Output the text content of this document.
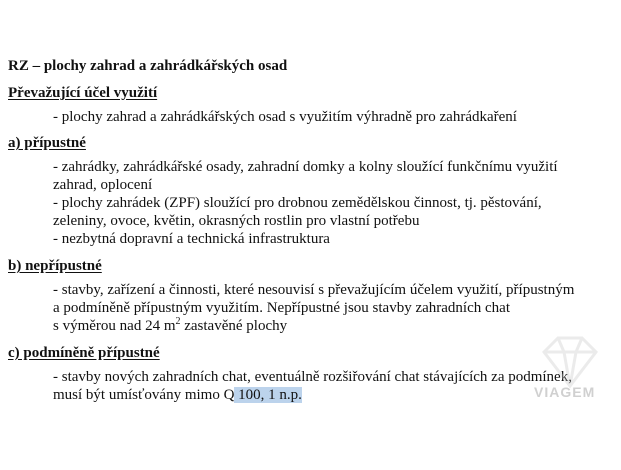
RZ – plochy zahrad a zahrádkářských osad
Převažující účel využití
- plochy zahrad a zahrádkářských osad s využitím výhradně pro zahrádkaření
a) přípustné
- zahrádky, zahrádkářské osady, zahradní domky a kolny sloužící funkčnímu využití
zahrad, oplocení
- plochy zahrádek (ZPF) sloužící pro drobnou zemědělskou činnost, tj. pěstování,
zeleniny, ovoce, květin, okrasných rostlin pro vlastní potřebu
- nezbytná dopravní a technická infrastruktura
b) nepřípustné
- stavby, zařízení a činnosti, které nesouvisí s převažujícím účelem využití, přípustným
a podmíněně přípustným využitím. Nepřípustné jsou stavby zahradních chat
s výměrou nad 24 $m^2$ zastavěné plochy
c) podmíněně přípustné
- stavby nových zahradních chat, eventuálně rozšiřování chat stávajících za podmínek,
musí být umísťovány mimo Q 100, 1 n.p.	VIAGEM
